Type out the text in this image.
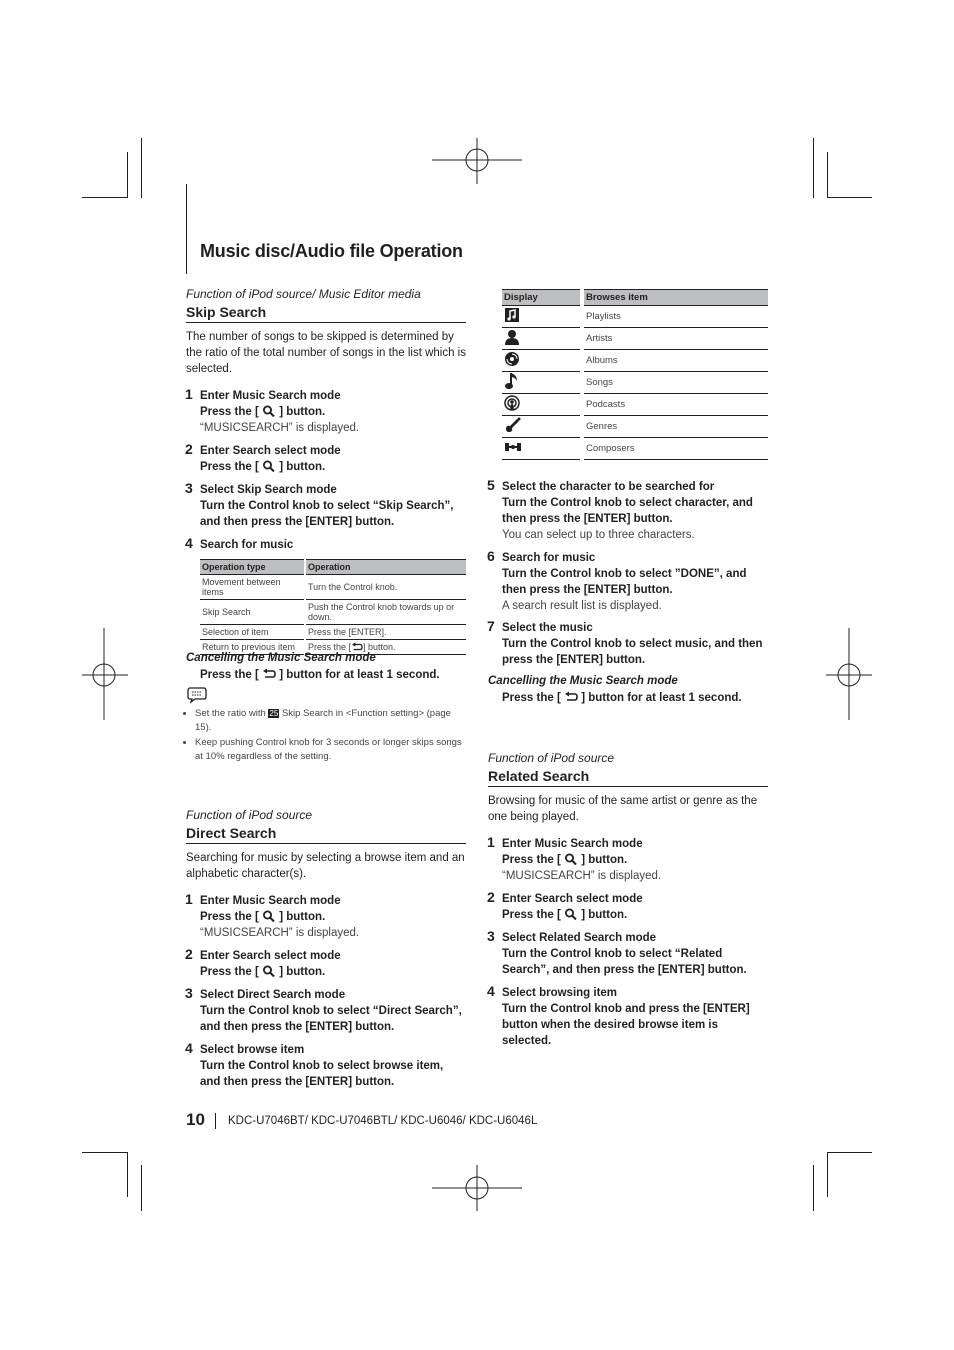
Music disc/Audio file Operation
Function of iPod source/ Music Editor media
Skip Search
The number of songs to be skipped is determined by the ratio of the total number of songs in the list which is selected.
1 Enter Music Search mode
Press the [ ] button.
“MUSICSEARCH” is displayed.
2 Enter Search select mode
Press the [ ] button.
3 Select Skip Search mode
Turn the Control knob to select “Skip Search”, and then press the [ENTER] button.
4 Search for music
Operation type	Operation
Movement between items	Turn the Control knob.
Skip Search	Push the Control knob towards up or down.
Selection of item	Press the [ENTER].
Return to previous item	Press the [ ] button.
Cancelling the Music Search mode
Press the [ ] button for at least 1 second.
• Set the ratio with 25 Skip Search in <Function setting> (page 15).
• Keep pushing Control knob for 3 seconds or longer skips songs at 10% regardless of the setting.
Function of iPod source
Direct Search
Searching for music by selecting a browse item and an alphabetic character(s).
1 Enter Music Search mode
Press the [ ] button.
“MUSICSEARCH” is displayed.
2 Enter Search select mode
Press the [ ] button.
3 Select Direct Search mode
Turn the Control knob to select “Direct Search”, and then press the [ENTER] button.
4 Select browse item
Turn the Control knob to select browse item, and then press the [ENTER] button.
Display	Browses item
	Playlists
	Artists
	Albums
	Songs
	Podcasts
	Genres
	Composers
5 Select the character to be searched for
Turn the Control knob to select character, and then press the [ENTER] button.
You can select up to three characters.
6 Search for music
Turn the Control knob to select ”DONE”, and then press the [ENTER] button.
A search result list is displayed.
7 Select the music
Turn the Control knob to select music, and then press the [ENTER] button.
Cancelling the Music Search mode
Press the [ ] button for at least 1 second.
Function of iPod source
Related Search
Browsing for music of the same artist or genre as the one being played.
1 Enter Music Search mode
Press the [ ] button.
“MUSICSEARCH” is displayed.
2 Enter Search select mode
Press the [ ] button.
3 Select Related Search mode
Turn the Control knob to select “Related Search”, and then press the [ENTER] button.
4 Select browsing item
Turn the Control knob and press the [ENTER] button when the desired browse item is selected.
10 KDC-U7046BT/ KDC-U7046BTL/ KDC-U6046/ KDC-U6046L
